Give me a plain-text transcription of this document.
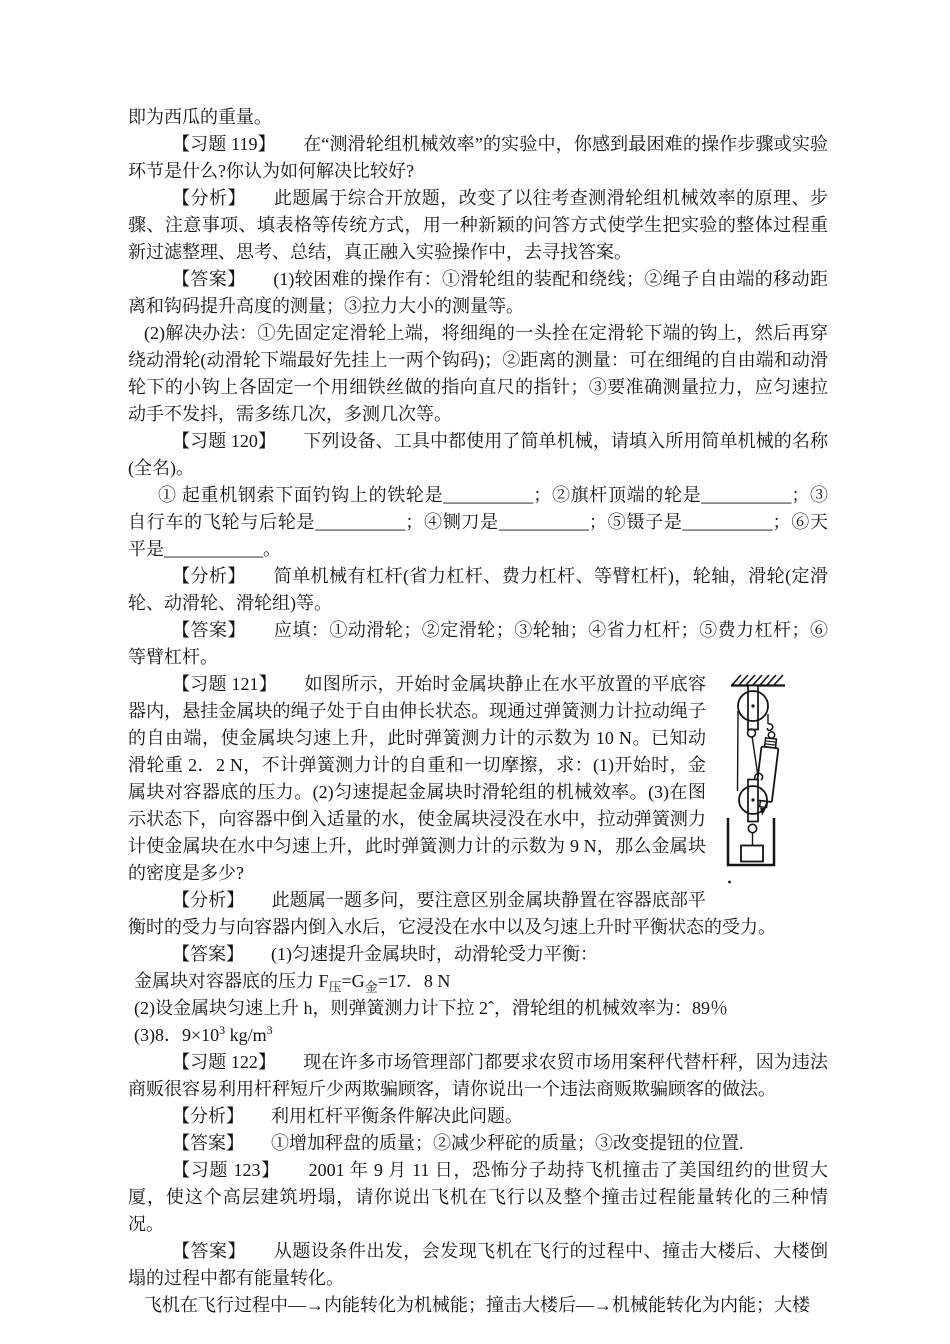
即为西瓜的重量。

【习题 119】　　在“测滑轮组机械效率”的实验中，你感到最困难的操作步骤或实验环节是什么?你认为如何解决比较好?

【分析】　　此题属于综合开放题，改变了以往考查测滑轮组机械效率的原理、步骤、注意事项、填表格等传统方式，用一种新颖的问答方式使学生把实验的整体过程重新过滤整理、思考、总结，真正融入实验操作中，去寻找答案。

【答案】　　(1)较困难的操作有：①滑轮组的装配和绕线；②绳子自由端的移动距离和钩码提升高度的测量；③拉力大小的测量等。

(2)解决办法：①先固定定滑轮上端，将细绳的一头拴在定滑轮下端的钩上，然后再穿绕动滑轮(动滑轮下端最好先挂上一两个钩码)；②距离的测量：可在细绳的自由端和动滑轮下的小钩上各固定一个用细铁丝做的指向直尺的指针；③要准确测量拉力，应匀速拉动手不发抖，需多练几次，多测几次等。

【习题 120】　　下列设备、工具中都使用了简单机械，请填入所用简单机械的名称(全名)。

① 起重机钢索下面钓钩上的铁轮是__________；②旗杆顶端的轮是__________；③自行车的飞轮与后轮是__________；④铡刀是__________；⑤镊子是__________；⑥天平是___________。

【分析】　　简单机械有杠杆(省力杠杆、费力杠杆、等臂杠杆)，轮轴，滑轮(定滑轮、动滑轮、滑轮组)等。

【答案】　　应填：①动滑轮；②定滑轮；③轮轴；④省力杠杆；⑤费力杠杆；⑥等臂杠杆。

【习题 121】　　如图所示，开始时金属块静止在水平放置的平底容器内，悬挂金属块的绳子处于自由伸长状态。现通过弹簧测力计拉动绳子的自由端，使金属块匀速上升，此时弹簧测力计的示数为 10 N。已知动滑轮重 2．2 N，不计弹簧测力计的自重和一切摩擦，求：(1)开始时，金属块对容器底的压力。(2)匀速提起金属块时滑轮组的机械效率。(3)在图示状态下，向容器中倒入适量的水，使金属块浸没在水中，拉动弹簧测力计使金属块在水中匀速上升，此时弹簧测力计的示数为 9 N，那么金属块的密度是多少?

【分析】　　此题属一题多问，要注意区别金属块静置在容器底部平衡时的受力与向容器内倒入水后，它浸没在水中以及匀速上升时平衡状态的受力。

【答案】　　(1)匀速提升金属块时，动滑轮受力平衡：

金属块对容器底的压力 $F_压=G_金=17$．8 N

(2)设金属块匀速上升 h，则弹簧测力计下拉 2ˆ，滑轮组的机械效率为：89％

(3)8．$9\times 10^3$ $kg/m^3$

【习题 122】　　现在许多市场管理部门都要求农贸市场用案秤代替杆秤，因为违法商贩很容易利用杆秤短斤少两欺骗顾客，请你说出一个违法商贩欺骗顾客的做法。

【分析】　　利用杠杆平衡条件解决此问题。

【答案】　　①增加秤盘的质量；②减少秤砣的质量；③改变提钮的位置.

【习题 123】　　2001 年 9 月 11 日，恐怖分子劫持飞机撞击了美国纽约的世贸大厦，使这个高层建筑坍塌，请你说出飞机在飞行以及整个撞击过程能量转化的三种情况。

【答案】　　从题设条件出发，会发现飞机在飞行的过程中、撞击大楼后、大楼倒塌的过程中都有能量转化。

飞机在飞行过程中—→内能转化为机械能；撞击大楼后—→机械能转化为内能；大楼
